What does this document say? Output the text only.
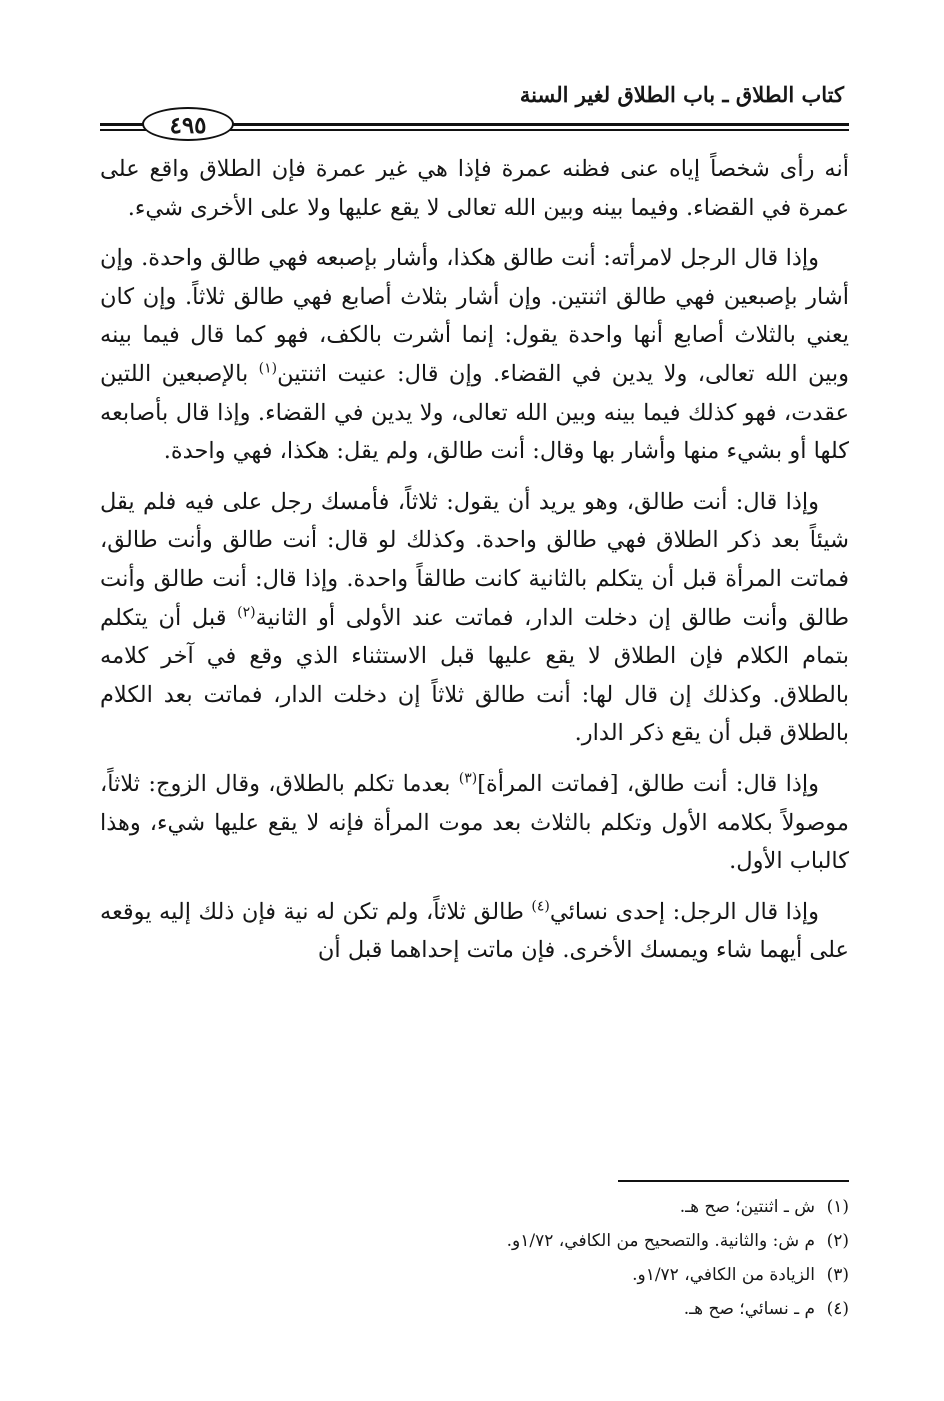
كتاب الطلاق ـ باب الطلاق لغير السنة
٤٩٥

أنه رأى شخصاً إياه عنى فظنه عمرة فإذا هي غير عمرة فإن الطلاق واقع على عمرة في القضاء. وفيما بينه وبين الله تعالى لا يقع عليها ولا على الأخرى شيء.

وإذا قال الرجل لامرأته: أنت طالق هكذا، وأشار بإصبعه فهي طالق واحدة. وإن أشار بإصبعين فهي طالق اثنتين. وإن أشار بثلاث أصابع فهي طالق ثلاثاً. وإن كان يعني بالثلاث أصابع أنها واحدة يقول: إنما أشرت بالكف، فهو كما قال فيما بينه وبين الله تعالى، ولا يدين في القضاء. وإن قال: عنيت اثنتين$^{(١)}$ بالإصبعين اللتين عقدت، فهو كذلك فيما بينه وبين الله تعالى، ولا يدين في القضاء. وإذا قال بأصابعه كلها أو بشيء منها وأشار بها وقال: أنت طالق، ولم يقل: هكذا، فهي واحدة.

وإذا قال: أنت طالق، وهو يريد أن يقول: ثلاثاً، فأمسك رجل على فيه فلم يقل شيئاً بعد ذكر الطلاق فهي طالق واحدة. وكذلك لو قال: أنت طالق وأنت طالق، فماتت المرأة قبل أن يتكلم بالثانية كانت طالقاً واحدة. وإذا قال: أنت طالق وأنت طالق وأنت طالق إن دخلت الدار، فماتت عند الأولى أو الثانية$^{(٢)}$ قبل أن يتكلم بتمام الكلام فإن الطلاق لا يقع عليها قبل الاستثناء الذي وقع في آخر كلامه بالطلاق. وكذلك إن قال لها: أنت طالق ثلاثاً إن دخلت الدار، فماتت بعد الكلام بالطلاق قبل أن يقع ذكر الدار.

وإذا قال: أنت طالق، [فماتت المرأة]$^{(٣)}$ بعدما تكلم بالطلاق، وقال الزوج: ثلاثاً، موصولاً بكلامه الأول وتكلم بالثلاث بعد موت المرأة فإنه لا يقع عليها شيء، وهذا كالباب الأول.

وإذا قال الرجل: إحدى نسائي$^{(٤)}$ طالق ثلاثاً، ولم تكن له نية فإن ذلك إليه يوقعه على أيهما شاء ويمسك الأخرى. فإن ماتت إحداهما قبل أن

(١)ش ـ اثنتين؛ صح هـ.
(٢)م ش: والثانية. والتصحيح من الكافي، ١/٧٢و.
(٣)الزيادة من الكافي، ١/٧٢و.
(٤)م ـ نسائي؛ صح هـ.
